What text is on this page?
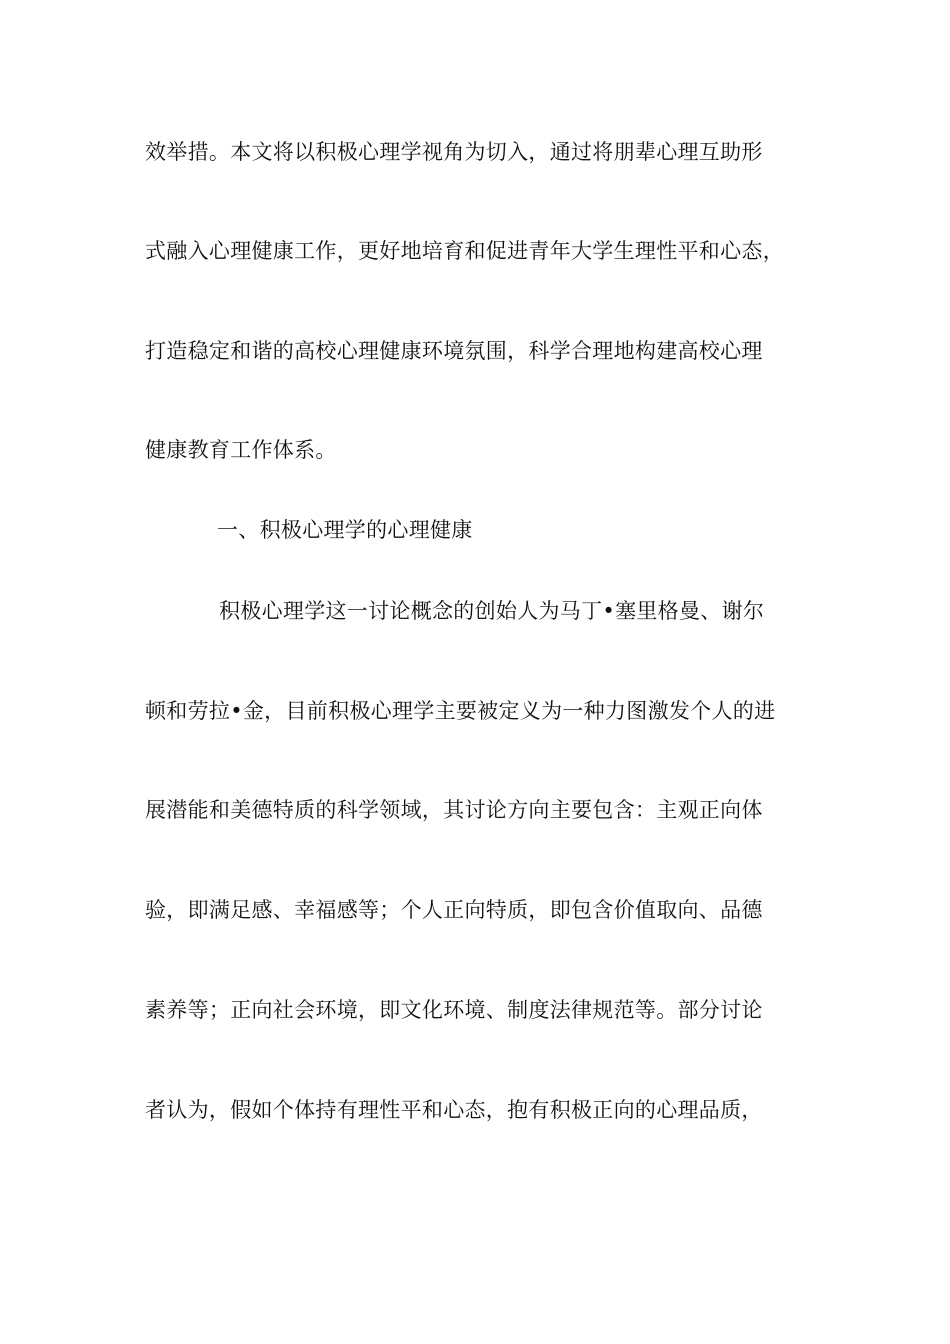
效举措。本文将以积极心理学视角为切入，通过将朋辈心理互助形
式融入心理健康工作，更好地培育和促进青年大学生理性平和心态，
打造稳定和谐的高校心理健康环境氛围，科学合理地构建高校心理
健康教育工作体系。
一、积极心理学的心理健康
积极心理学这一讨论概念的创始人为马丁•塞里格曼、谢尔
顿和劳拉•金，目前积极心理学主要被定义为一种力图激发个人的进
展潜能和美德特质的科学领域，其讨论方向主要包含：主观正向体
验，即满足感、幸福感等；个人正向特质，即包含价值取向、品德
素养等；正向社会环境，即文化环境、制度法律规范等。部分讨论
者认为，假如个体持有理性平和心态，抱有积极正向的心理品质，
